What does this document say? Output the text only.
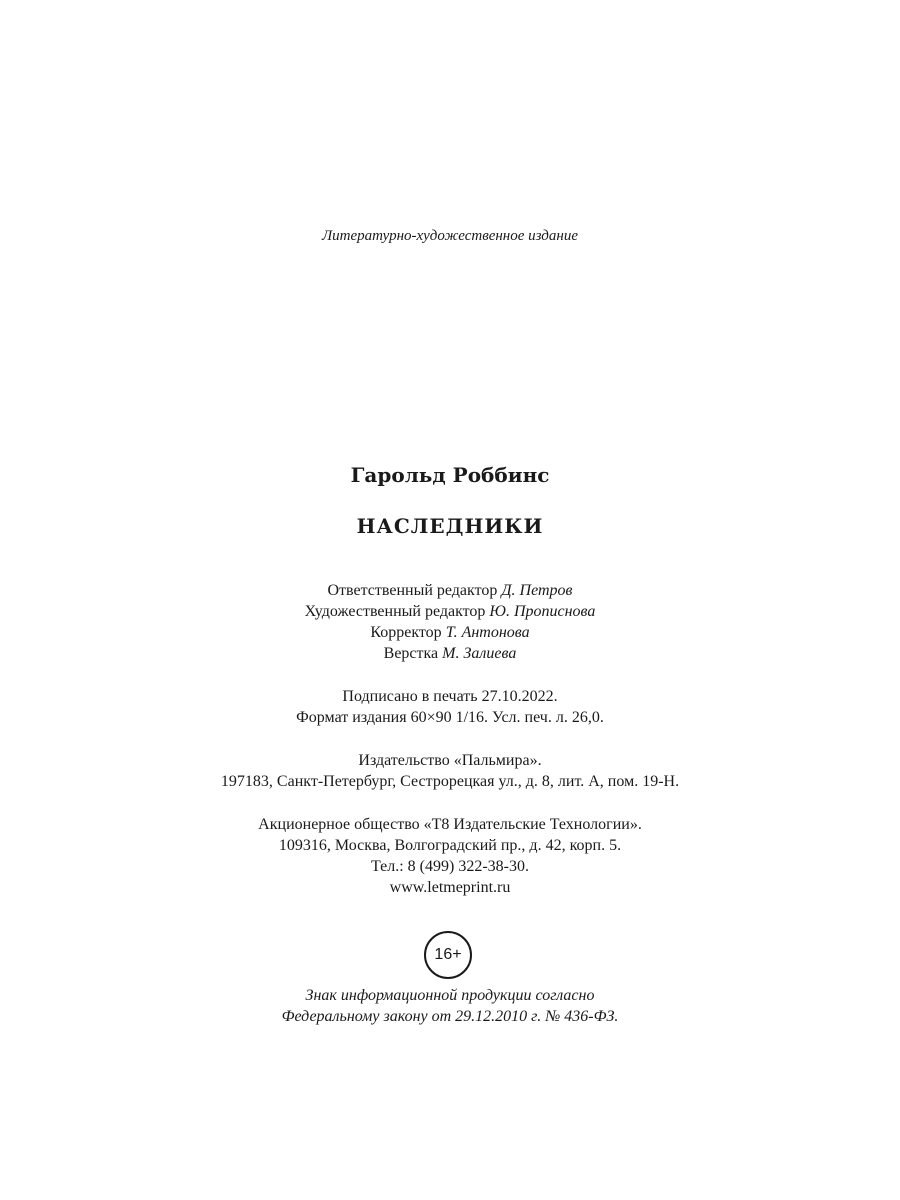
Литературно-художественное издание
Гарольд Роббинс
НАСЛЕДНИКИ
Ответственный редактор Д. Петров
Художественный редактор Ю. Прописнова
Корректор Т. Антонова
Верстка М. Залиева
Подписано в печать 27.10.2022.
Формат издания 60×90 1/16. Усл. печ. л. 26,0.
Издательство «Пальмира».
197183, Санкт-Петербург, Сестрорецкая ул., д. 8, лит. А, пом. 19-Н.
Акционерное общество «Т8 Издательские Технологии».
109316, Москва, Волгоградский пр., д. 42, корп. 5.
Тел.: 8 (499) 322-38-30.
www.letmeprint.ru
16+
Знак информационной продукции согласно
Федеральному закону от 29.12.2010 г. № 436-ФЗ.
